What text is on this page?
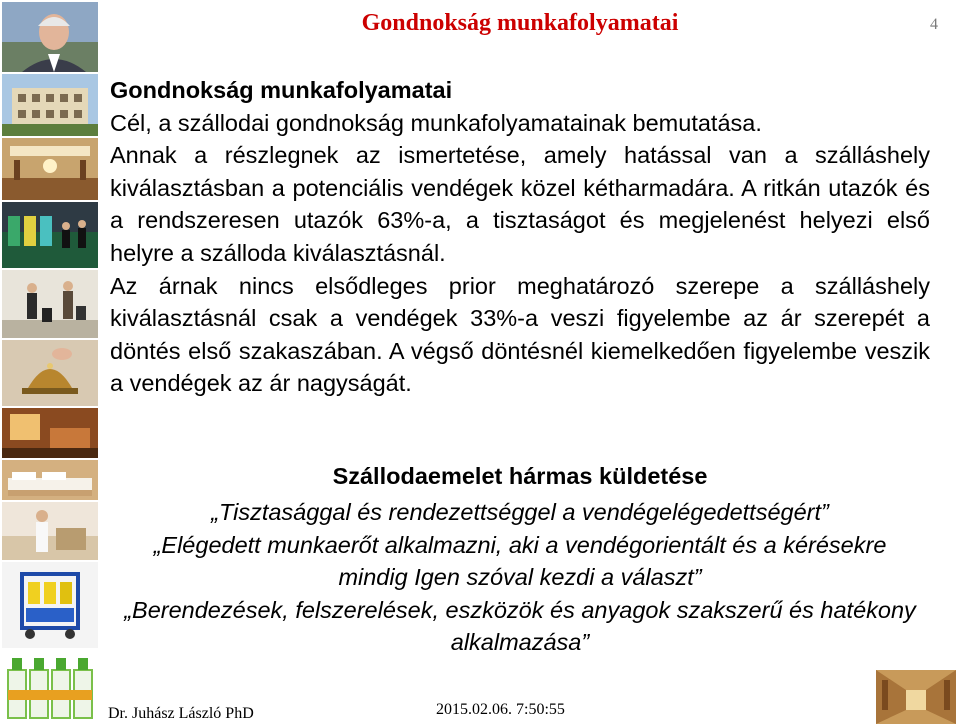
Gondnokság munkafolyamatai	4

Gondnokság munkafolyamatai

Cél, a szállodai gondnokság munkafolyamatainak bemutatása.

Annak a részlegnek az ismertetése, amely hatással van a szálláshely kiválasztásban a potenciális vendégek közel kétharmadára. A ritkán utazók és a rendszeresen utazók 63%-a, a tisztaságot és megjelenést helyezi első helyre a szálloda kiválasztásnál.

Az árnak nincs elsődleges prior meghatározó szerepe a szálláshely kiválasztásnál csak a vendégek 33%-a veszi figyelembe az ár szerepét a döntés első szakaszában. A végső döntésnél kiemelkedően figyelembe veszik a vendégek az ár nagyságát.

Szállodaemelet hármas küldetése

„Tisztasággal és rendezettséggel a vendégelégedettségért”

„Elégedett munkaerőt alkalmazni, aki a vendégorientált és a kérésekre mindig Igen szóval kezdi a választ”

„Berendezések, felszerelések, eszközök és anyagok szakszerű és hatékony alkalmazása”

Dr. Juhász László PhD	2015.02.06. 7:50:55
